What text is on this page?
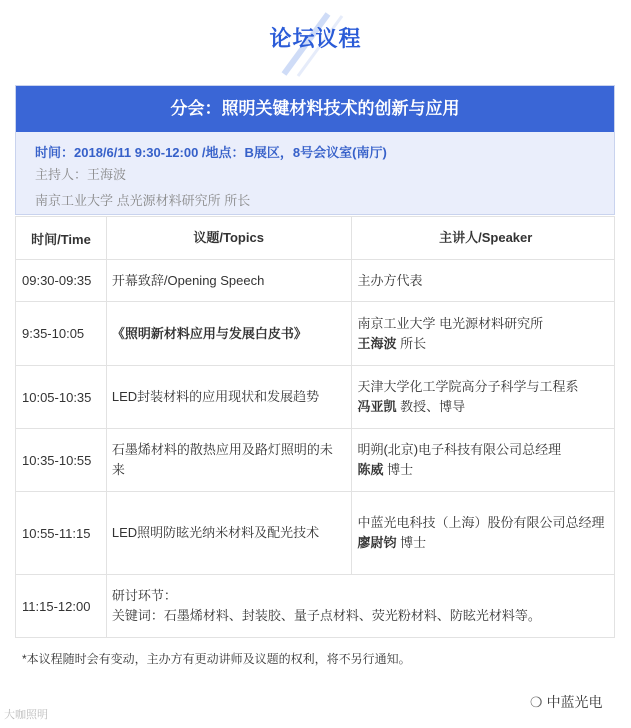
论坛议程
分会：照明关键材料技术的创新与应用
时间：2018/6/11 9:30-12:00 /地点：B展区，8号会议室(南厅)
主持人：王海波
南京工业大学 点光源材料研究所 所长
时间/Time	议题/Topics	主讲人/Speaker
09:30-09:35	开幕致辞/Opening Speech	主办方代表
9:35-10:05	《照明新材料应用与发展白皮书》	南京工业大学 电光源材料研究所
王海波 所长

10:05-10:35	LED封装材料的应用现状和发展趋势	天津大学化工学院高分子科学与工程系
冯亚凯 教授、博导

10:35-10:55	石墨烯材料的散热应用及路灯照明的未来	明朔(北京)电子科技有限公司总经理
陈威 博士

10:55-11:15	LED照明防眩光纳米材料及配光技术	中蓝光电科技（上海）股份有限公司总经理
廖尉钧 博士

11:15-12:00	研讨环节：
关键词：石墨烯材料、封装胶、量子点材料、荧光粉材料、防眩光材料等。	
*本议程随时会有变动，主办方有更动讲师及议题的权利，将不另行通知。
大咖照明
❍ 中蓝光电
